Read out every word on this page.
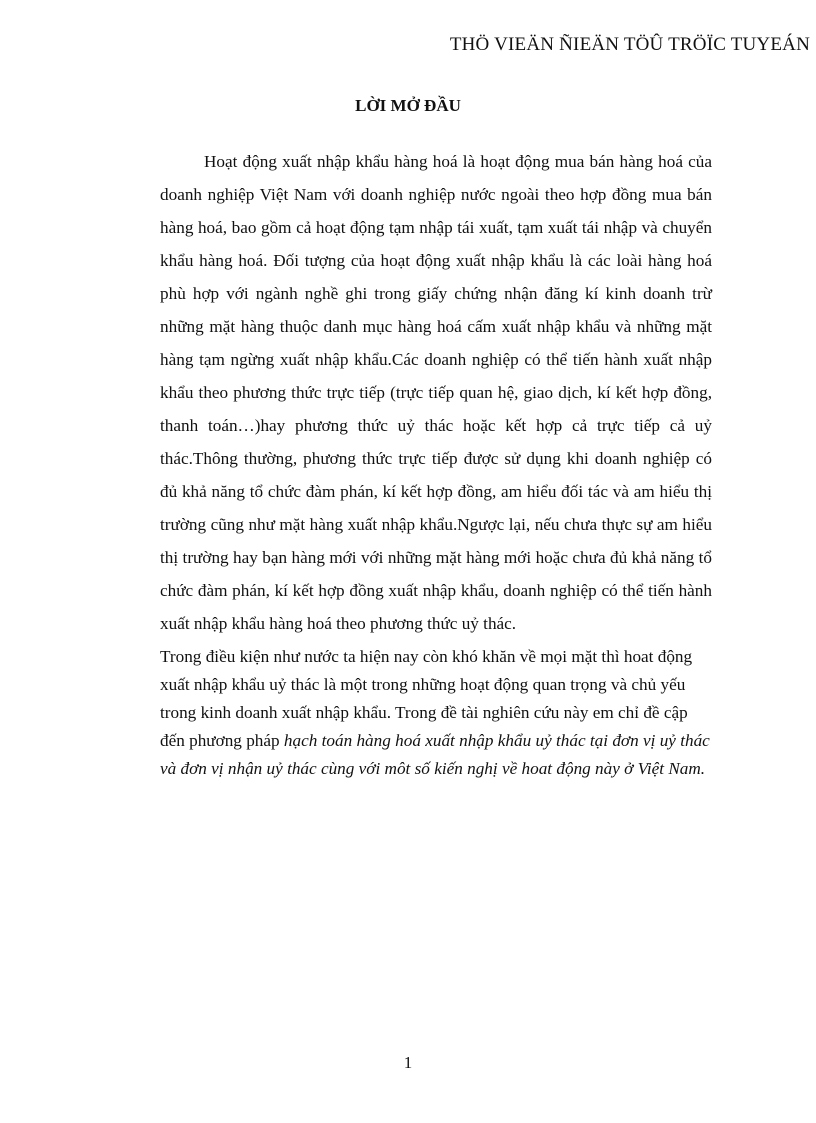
THÖ VIEÄN ÑIEÄN TÖÛ TRÖÏC TUYEÁN
LỜI MỞ ĐẦU

Hoạt động xuất nhập khẩu hàng hoá là hoạt động mua bán hàng hoá của doanh nghiệp Việt Nam với doanh nghiệp nước ngoài theo hợp đồng mua bán hàng hoá, bao gồm cả hoạt động tạm nhập tái xuất, tạm xuất tái nhập và chuyển khẩu hàng hoá. Đối tượng của hoạt động xuất nhập khẩu là các loài hàng hoá phù hợp với ngành nghề ghi trong giấy chứng nhận đăng kí kinh doanh trừ những mặt hàng thuộc danh mục hàng hoá cấm xuất nhập khẩu và những mặt hàng tạm ngừng xuất nhập khẩu.Các doanh nghiệp có thể tiến hành xuất nhập khẩu theo phương thức trực tiếp (trực tiếp quan hệ, giao dịch, kí kết hợp đồng, thanh toán…)hay phương thức uỷ thác hoặc kết hợp cả trực tiếp cả uỷ thác.Thông thường, phương thức trực tiếp được sử dụng khi doanh nghiệp có đủ khả năng tổ chức đàm phán, kí kết hợp đồng, am hiểu đối tác và am hiểu thị trường cũng như mặt hàng xuất nhập khẩu.Ngược lại, nếu chưa thực sự am hiểu thị trường hay bạn hàng mới với những mặt hàng mới hoặc chưa đủ khả năng tổ chức đàm phán, kí kết hợp đồng xuất nhập khẩu, doanh nghiệp có thể tiến hành xuất nhập khẩu hàng hoá theo phương thức uỷ thác.

Trong điều kiện như nước ta hiện nay còn khó khăn về mọi mặt thì hoat động xuất nhập khẩu uỷ thác là một trong những hoạt động quan trọng và chủ yếu trong kinh doanh xuất nhập khẩu. Trong đề tài nghiên cứu này em chỉ đề cập đến phương pháp hạch toán hàng hoá xuất nhập khẩu uỷ thác tại đơn vị uỷ thác và đơn vị nhận uỷ thác cùng với môt số kiến nghị về hoat động này ở Việt Nam.

1
